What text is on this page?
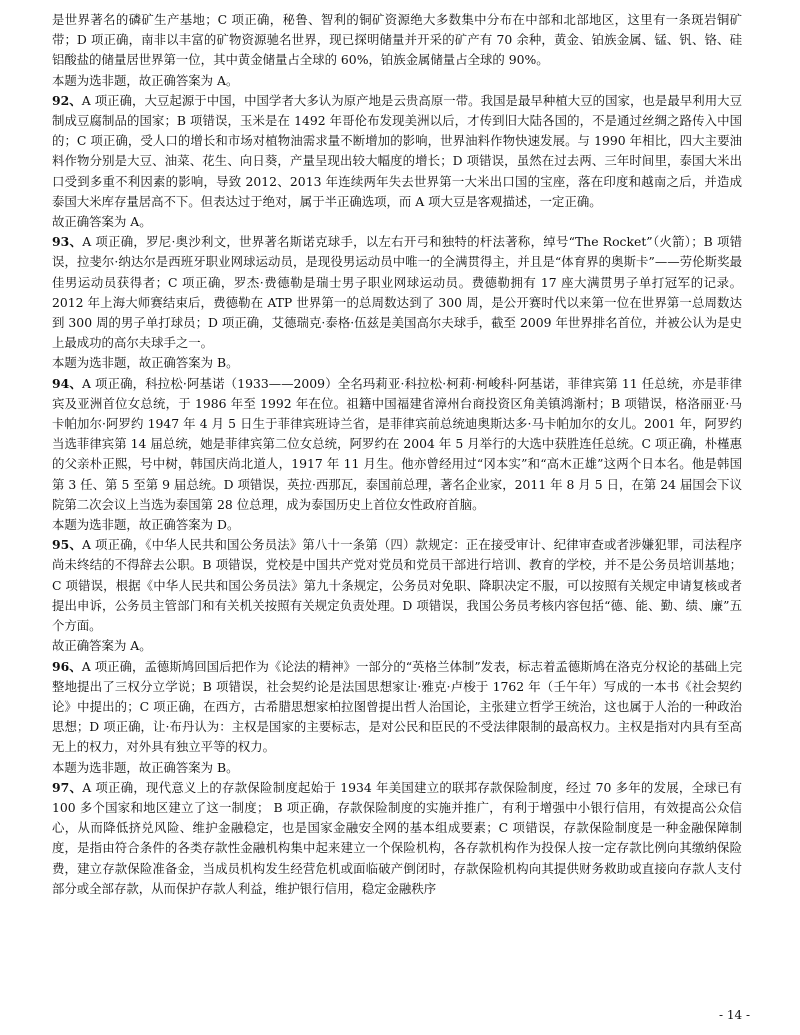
是世界著名的磷矿生产基地；C 项正确，秘鲁、智利的铜矿资源绝大多数集中分布在中部和北部地区，这里有一条斑岩铜矿带；D 项正确，南非以丰富的矿物资源驰名世界，现已探明储量并开采的矿产有 70 余种，黄金、铂族金属、锰、钒、铬、硅铝酸盐的储量居世界第一位，其中黄金储量占全球的 60%，铂族金属储量占全球的 90%。

本题为选非题，故正确答案为 A。

92、A 项正确，大豆起源于中国，中国学者大多认为原产地是云贵高原一带。我国是最早种植大豆的国家，也是最早利用大豆制成豆腐制品的国家；B 项错误，玉米是在 1492 年哥伦布发现美洲以后，才传到旧大陆各国的，不是通过丝绸之路传入中国的；C 项正确，受人口的增长和市场对植物油需求量不断增加的影响，世界油料作物快速发展。与 1990 年相比，四大主要油料作物分别是大豆、油菜、花生、向日葵，产量呈现出较大幅度的增长；D 项错误，虽然在过去两、三年时间里，泰国大米出口受到多重不利因素的影响，导致 2012、2013 年连续两年失去世界第一大米出口国的宝座，落在印度和越南之后，并造成泰国大米库存量居高不下。但表达过于绝对，属于半正确选项，而 A 项大豆是客观描述，一定正确。

故正确答案为 A。

93、A 项正确，罗尼·奥沙利文，世界著名斯诺克球手，以左右开弓和独特的杆法著称，绰号“The Rocket”（火箭）；B 项错误，拉斐尔·纳达尔是西班牙职业网球运动员，是现役男运动员中唯一的全满贯得主，并且是“体育界的奥斯卡”——劳伦斯奖最佳男运动员获得者；C 项正确，罗杰·费德勒是瑞士男子职业网球运动员。费德勒拥有 17 座大满贯男子单打冠军的记录。2012 年上海大师赛结束后，费德勒在 ATP 世界第一的总周数达到了 300 周，是公开赛时代以来第一位在世界第一总周数达到 300 周的男子单打球员；D 项正确，艾德瑞克·泰格·伍兹是美国高尔夫球手，截至 2009 年世界排名首位，并被公认为是史上最成功的高尔夫球手之一。

本题为选非题，故正确答案为 B。

94、A 项正确，科拉松·阿基诺（1933——2009）全名玛莉亚·科拉松·柯莉·柯峻科·阿基诺，菲律宾第 11 任总统，亦是菲律宾及亚洲首位女总统，于 1986 年至 1992 年在位。祖籍中国福建省漳州台商投资区角美镇鸿渐村；B 项错误，格洛丽亚·马卡帕加尔·阿罗约 1947 年 4 月 5 日生于菲律宾班诗兰省，是菲律宾前总统迪奥斯达多·马卡帕加尔的女儿。2001 年，阿罗约当选菲律宾第 14 届总统，她是菲律宾第二位女总统，阿罗约在 2004 年 5 月举行的大选中获胜连任总统。C 项正确，朴槿惠的父亲朴正熙，号中树，韩国庆尚北道人，1917 年 11 月生。他亦曾经用过“冈本实”和“高木正雄”这两个日本名。他是韩国第 3 任、第 5 至第 9 届总统。D 项错误，英拉·西那瓦，泰国前总理，著名企业家，2011 年 8 月 5 日，在第 24 届国会下议院第二次会议上当选为泰国第 28 位总理，成为泰国历史上首位女性政府首脑。

本题为选非题，故正确答案为 D。

95、A 项正确，《中华人民共和国公务员法》第八十一条第（四）款规定：正在接受审计、纪律审查或者涉嫌犯罪，司法程序尚未终结的不得辞去公职。B 项错误，党校是中国共产党对党员和党员干部进行培训、教育的学校，并不是公务员培训基地；C 项错误，根据《中华人民共和国公务员法》第九十条规定，公务员对免职、降职决定不服，可以按照有关规定申请复核或者提出申诉，公务员主管部门和有关机关按照有关规定负责处理。D 项错误，我国公务员考核内容包括“德、能、勤、绩、廉”五个方面。

故正确答案为 A。

96、A 项正确，孟德斯鸠回国后把作为《论法的精神》一部分的“英格兰体制”发表，标志着孟德斯鸠在洛克分权论的基础上完整地提出了三权分立学说；B 项错误，社会契约论是法国思想家让·雅克·卢梭于 1762 年（壬午年）写成的一本书《社会契约论》中提出的；C 项正确，在西方，古希腊思想家柏拉图曾提出哲人治国论，主张建立哲学王统治，这也属于人治的一种政治思想；D 项正确，让·布丹认为：主权是国家的主要标志，是对公民和臣民的不受法律限制的最高权力。主权是指对内具有至高无上的权力，对外具有独立平等的权力。

本题为选非题，故正确答案为 B。

97、A 项正确，现代意义上的存款保险制度起始于 1934 年美国建立的联邦存款保险制度，经过 70 多年的发展，全球已有 100 多个国家和地区建立了这一制度； B 项正确，存款保险制度的实施并推广，有利于增强中小银行信用，有效提高公众信心，从而降低挤兑风险、维护金融稳定，也是国家金融安全网的基本组成要素；C 项错误，存款保险制度是一种金融保障制度，是指由符合条件的各类存款性金融机构集中起来建立一个保险机构，各存款机构作为投保人按一定存款比例向其缴纳保险费，建立存款保险准备金，当成员机构发生经营危机或面临破产倒闭时，存款保险机构向其提供财务救助或直接向存款人支付部分或全部存款，从而保护存款人利益，维护银行信用，稳定金融秩序

- 14 -
